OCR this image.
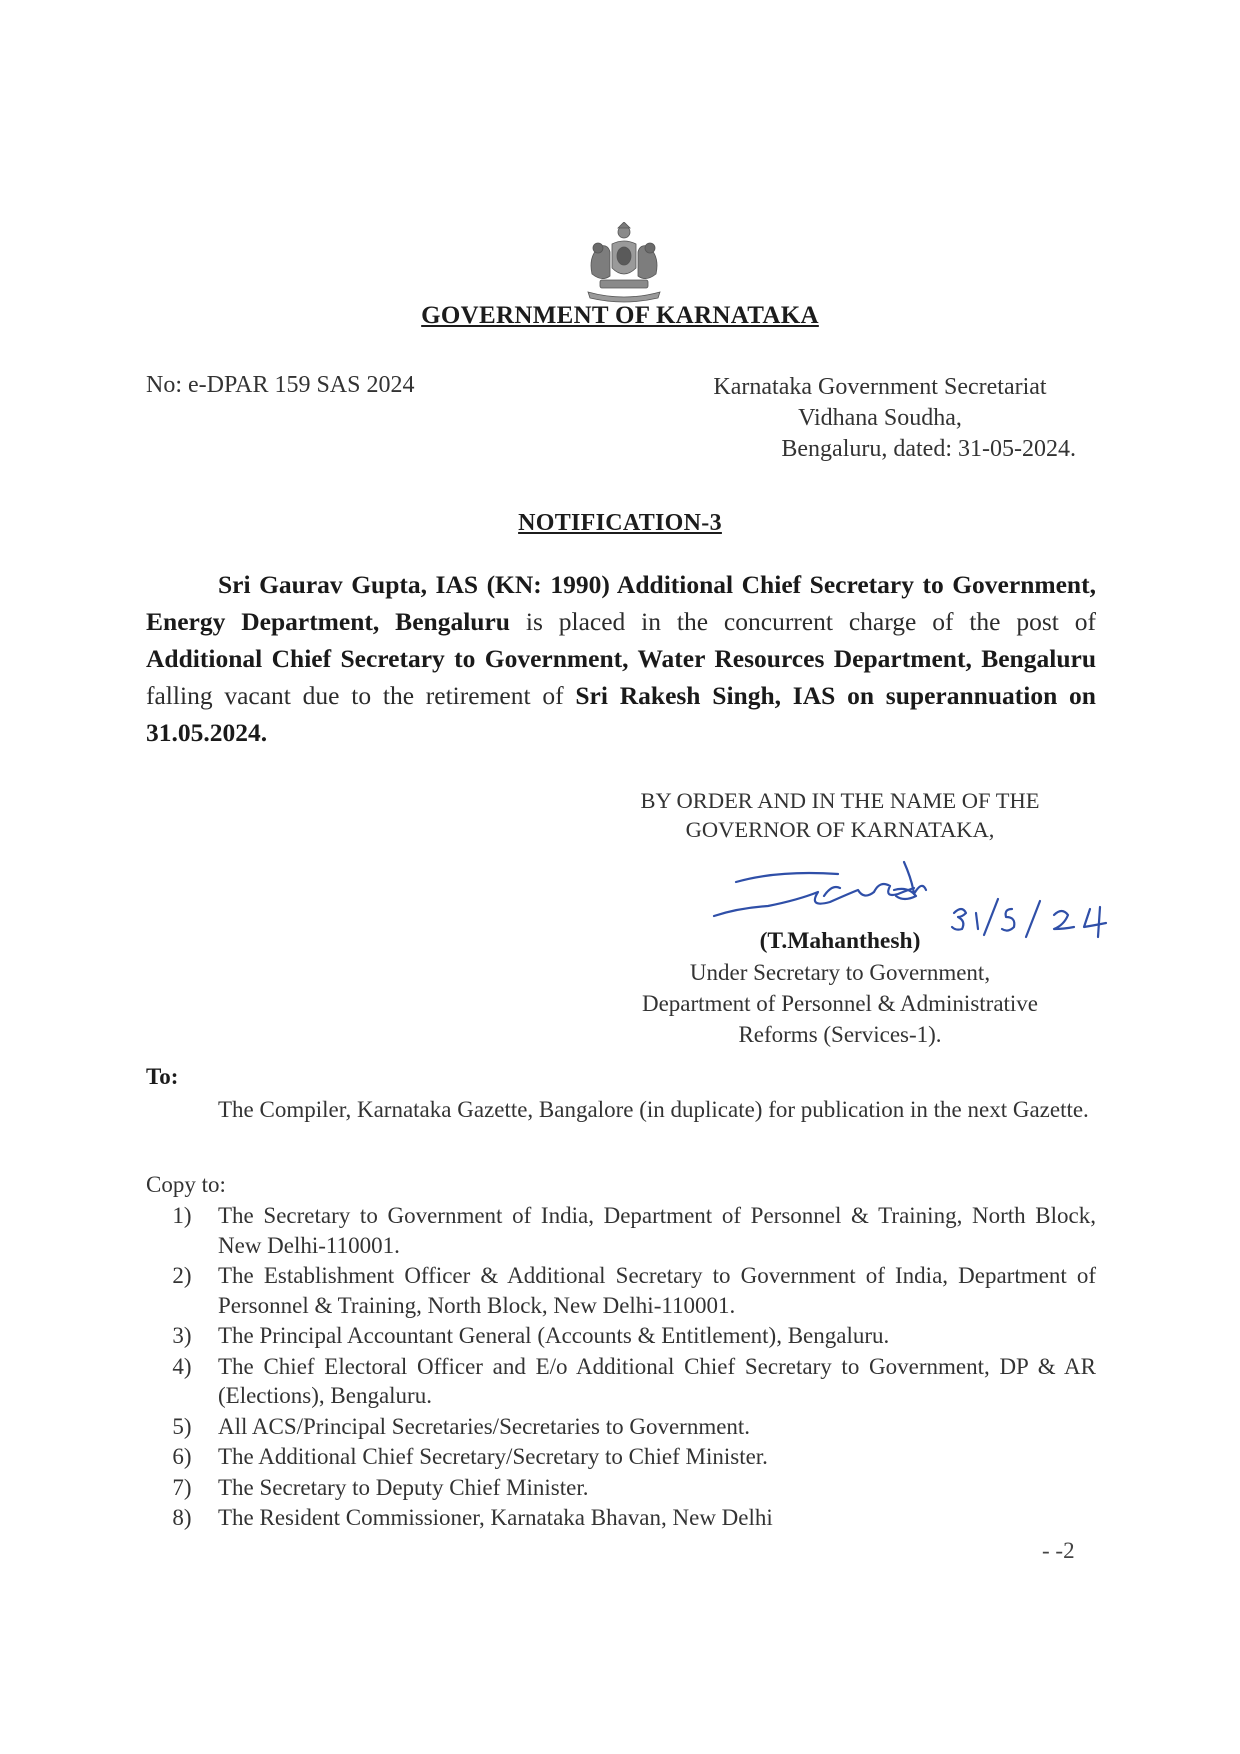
GOVERNMENT OF KARNATAKA
No: e-DPAR 159 SAS 2024	Karnataka Government Secretariat
Vidhana Soudha,
Bengaluru, dated: 31-05-2024.
NOTIFICATION-3
Sri Gaurav Gupta, IAS (KN: 1990) Additional Chief Secretary to Government, Energy Department, Bengaluru is placed in the concurrent charge of the post of Additional Chief Secretary to Government, Water Resources Department, Bengaluru falling vacant due to the retirement of Sri Rakesh Singh, IAS on superannuation on 31.05.2024.
BY ORDER AND IN THE NAME OF THE
GOVERNOR OF KARNATAKA,
(T.Mahanthesh)
Under Secretary to Government,
Department of Personnel & Administrative
Reforms (Services-1).
To:
The Compiler, Karnataka Gazette, Bangalore (in duplicate) for publication in the next Gazette.
Copy to:
1)	The Secretary to Government of India, Department of Personnel & Training, North Block, New Delhi-110001.
2)	The Establishment Officer & Additional Secretary to Government of India, Department of Personnel & Training, North Block, New Delhi-110001.
3)	The Principal Accountant General (Accounts & Entitlement), Bengaluru.
4)	The Chief Electoral Officer and E/o Additional Chief Secretary to Government, DP & AR (Elections), Bengaluru.
5)	All ACS/Principal Secretaries/Secretaries to Government.
6)	The Additional Chief Secretary/Secretary to Chief Minister.
7)	The Secretary to Deputy Chief Minister.
8)	The Resident Commissioner, Karnataka Bhavan, New Delhi
- -2
